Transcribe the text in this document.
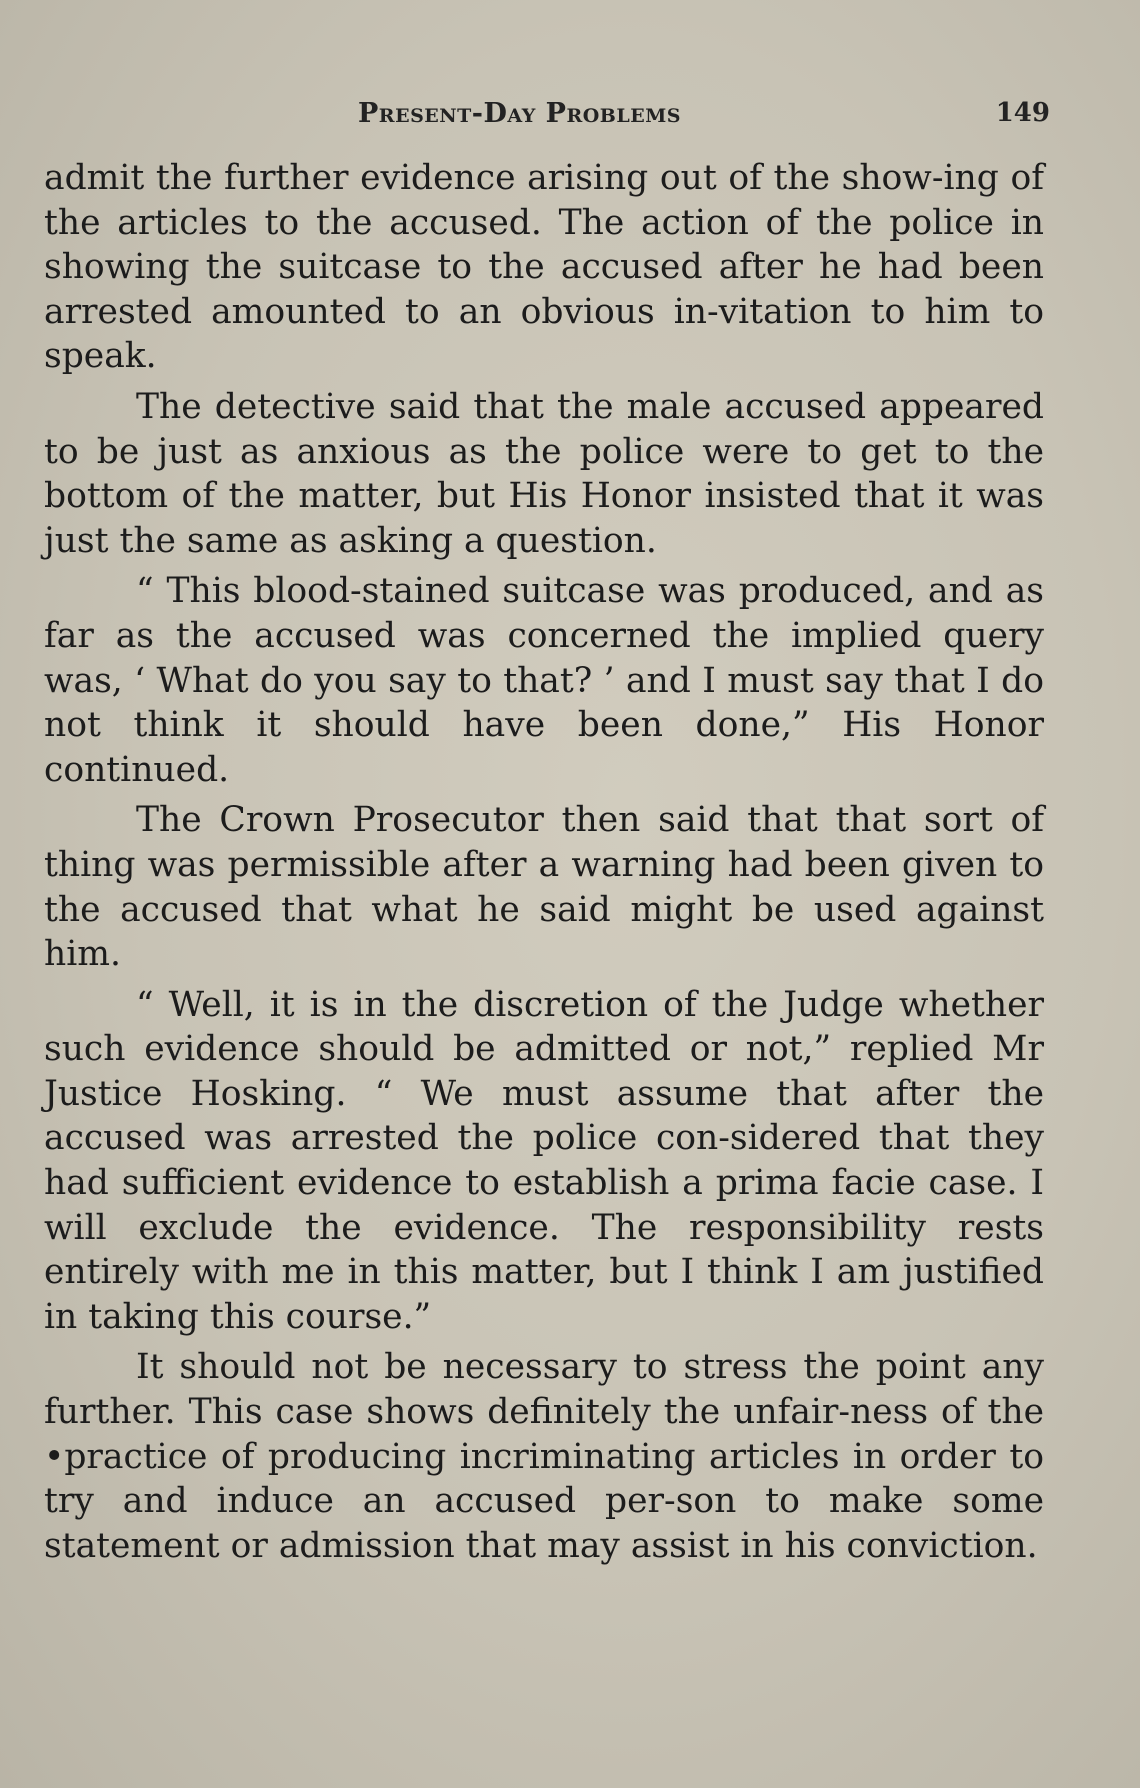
Present-Day Problems	149

admit the further evidence arising out of the show-ing of the articles to the accused. The action of the police in showing the suitcase to the accused after he had been arrested amounted to an obvious in-vitation to him to speak.

The detective said that the male accused appeared to be just as anxious as the police were to get to the bottom of the matter, but His Honor insisted that it was just the same as asking a question.

“ This blood-stained suitcase was produced, and as far as the accused was concerned the implied query was, ‘ What do you say to that? ’ and I must say that I do not think it should have been done,” His Honor continued.

The Crown Prosecutor then said that that sort of thing was permissible after a warning had been given to the accused that what he said might be used against him.

“ Well, it is in the discretion of the Judge whether such evidence should be admitted or not,” replied Mr Justice Hosking. “ We must assume that after the accused was arrested the police con-sidered that they had sufficient evidence to establish a prima facie case. I will exclude the evidence. The responsibility rests entirely with me in this matter, but I think I am justified in taking this course.”

It should not be necessary to stress the point any further. This case shows definitely the unfair-ness of the •practice of producing incriminating articles in order to try and induce an accused per-son to make some statement or admission that may assist in his conviction.
